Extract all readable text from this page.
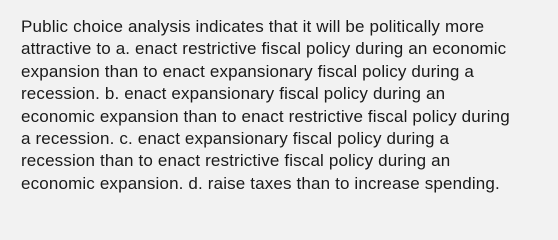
Public choice analysis indicates that it will be politically more
attractive to a. enact restrictive fiscal policy during an economic
expansion than to enact expansionary fiscal policy during a
recession. b. enact expansionary fiscal policy during an
economic expansion than to enact restrictive fiscal policy during
a recession. c. enact expansionary fiscal policy during a
recession than to enact restrictive fiscal policy during an
economic expansion. d. raise taxes than to increase spending.
